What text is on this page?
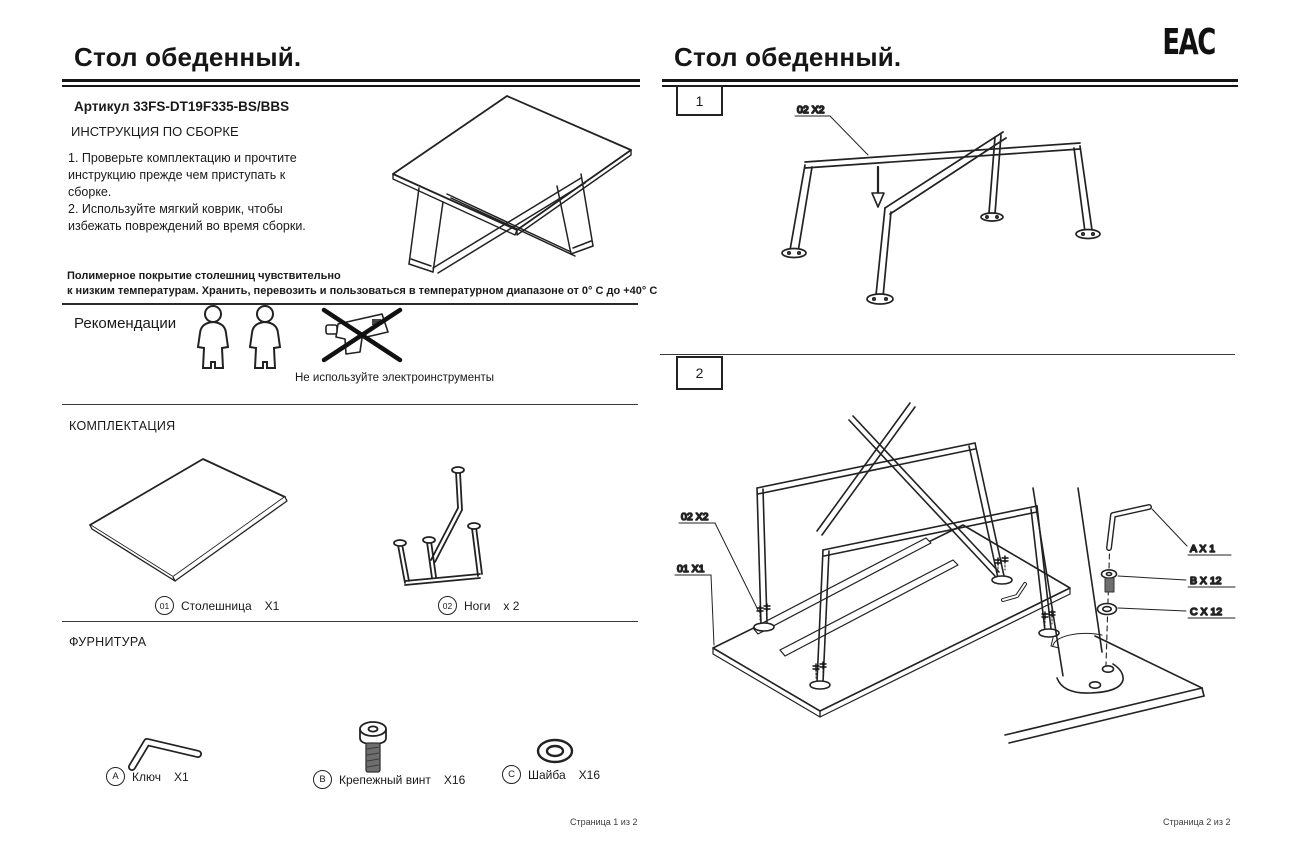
Стол обеденный.
Артикул 33FS-DT19F335-BS/BBS
ИНСТРУКЦИЯ ПО СБОРКЕ
1. Проверьте комплектацию и прочтите
инструкцию прежде чем приступать к
сборке.
2. Используйте мягкий коврик, чтобы
избежать повреждений во время сборки.
Полимерное покрытие столешниц чувствительно
к низким температурам. Хранить, перевозить и пользоваться в температурном диапазоне от 0° С до +40° С
Рекомендации
Не используйте электроинструменты
КОМПЛЕКТАЦИЯ
01 Столешница X1	02 Ноги x 2
ФУРНИТУРА
A	Ключ X1	B	Крепежный винт X16	C	Шайба X16
Страница 1 из 2
Стол обеденный.	EAC
1
02 X2
2
02 X2
01 X1
A X 1
B X 12
C X 12
Страница 2 из 2
